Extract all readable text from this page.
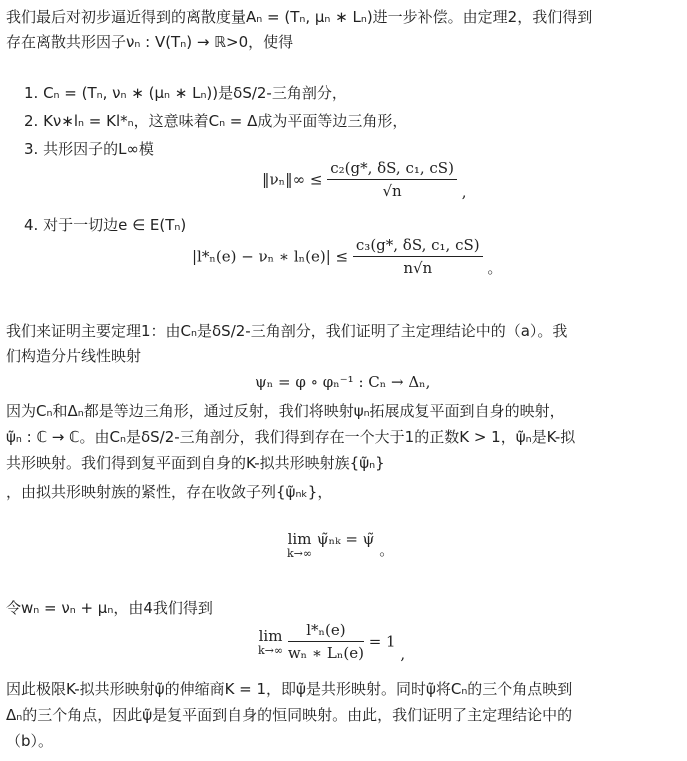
我们最后对初步逼近得到的离散度量Aₙ = (Tₙ, μₙ ∗ Lₙ)进一步补偿。由定理2，我们得到
存在离散共形因子νₙ : V(Tₙ) → ℝ>0，使得
1. Cₙ = (Tₙ, νₙ ∗ (μₙ ∗ Lₙ))是δS/2-三角剖分，
2. Kν∗lₙ = Kl*ₙ，这意味着Cₙ = Δ成为平面等边三角形，
3. 共形因子的L∞模
‖νₙ‖∞ ≤ $\frac{\text{c₂(g*, δS, c₁, cS)}}{√n}$ ,
4. 对于一切边e ∈ E(Tₙ)
|l*ₙ(e) − νₙ ∗ $l_n(e)| \le \frac{\text{c₃(g*, δS, c₁, cS)}}{n√n}$ 。
我们来证明主要定理1：由Cₙ是δS/2-三角剖分，我们证明了主定理结论中的（a）。我
们构造分片线性映射
ψₙ = φ ∘ φₙ⁻¹ : Cₙ → Δₙ,
因为Cₙ和Δₙ都是等边三角形，通过反射，我们将映射ψₙ拓展成复平面到自身的映射，
ψ̃ₙ : ℂ → ℂ。由Cₙ是δS/2-三角剖分，我们得到存在一个大于1的正数K > 1，ψ̃ₙ是K-拟
共形映射。我们得到复平面到自身的K-拟共形映射族{ψ̃ₙ}
，由拟共形映射族的紧性，存在收敛子列{ψ̃ₙₖ}，
lim
k→∞
ψ̃ₙₖ = ψ̃ 。
令wₙ = νₙ + μₙ，由4我们得到
lim
k→∞
$\frac{\text{l*ₙ(e)}}{\text{wₙ ∗ Lₙ(e)}} = 1$ ,
因此极限K-拟共形映射ψ̃的伸缩商K = 1，即ψ̃是共形映射。同时ψ̃将Cₙ的三个角点映到
Δₙ的三个角点，因此ψ̃是复平面到自身的恒同映射。由此，我们证明了主定理结论中的
（b）。
